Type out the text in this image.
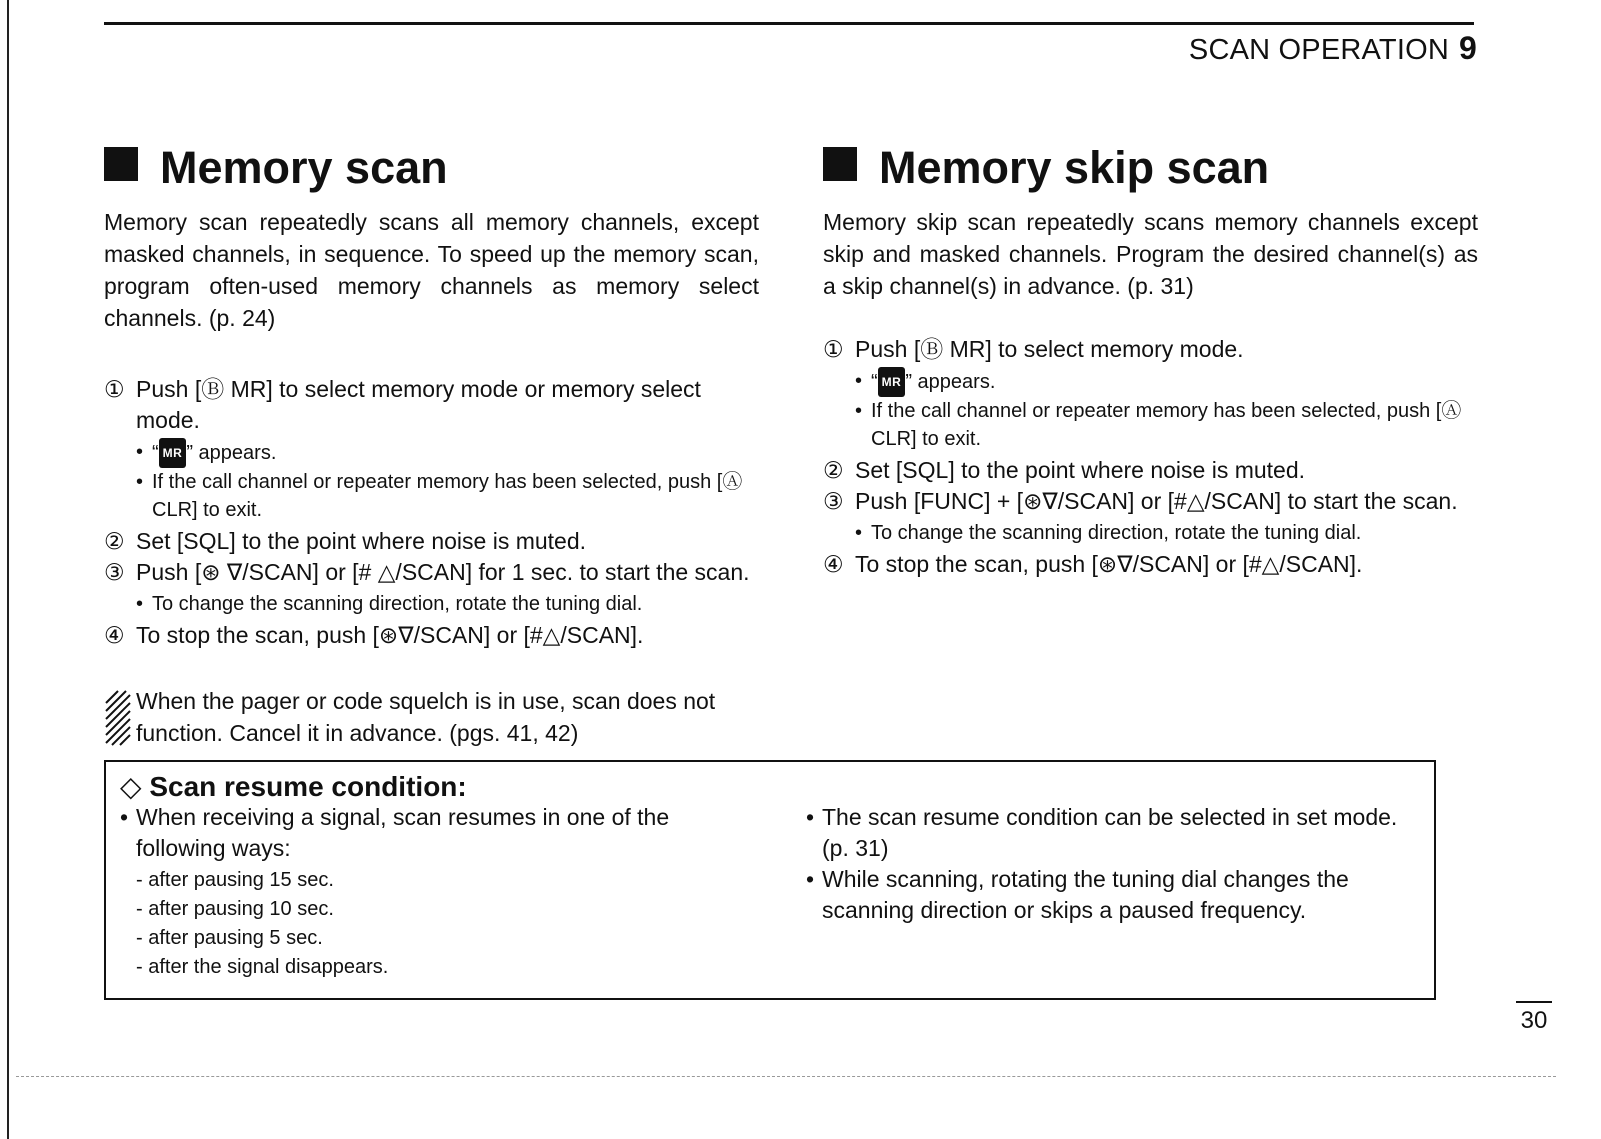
SCAN OPERATION 9
Memory scan

Memory scan repeatedly scans all memory channels, except masked channels, in sequence. To speed up the memory scan, program often-used memory channels as memory select channels. (p. 24)

① Push [Ⓑ MR] to select memory mode or memory select mode.
• “ MR ” appears.
• If the call channel or repeater memory has been selected, push [Ⓐ CLR] to exit.
② Set [SQL] to the point where noise is muted.
③ Push [⊛ ∇/SCAN] or [# △/SCAN] for 1 sec. to start the scan.
• To change the scanning direction, rotate the tuning dial.
④ To stop the scan, push [⊛∇/SCAN] or [#△/SCAN].
When the pager or code squelch is in use, scan does not function. Cancel it in advance. (pgs. 41, 42)
Memory skip scan

Memory skip scan repeatedly scans memory channels except skip and masked channels. Program the desired channel(s) as a skip channel(s) in advance. (p. 31)

① Push [Ⓑ MR] to select memory mode.
• “ MR ” appears.
• If the call channel or repeater memory has been selected, push [Ⓐ CLR] to exit.
② Set [SQL] to the point where noise is muted.
③ Push [FUNC] + [⊛∇/SCAN] or [#△/SCAN] to start the scan.
• To change the scanning direction, rotate the tuning dial.
④ To stop the scan, push [⊛∇/SCAN] or [#△/SCAN].
◇ Scan resume condition:
• When receiving a signal, scan resumes in one of the following ways:
- after pausing 15 sec.
- after pausing 10 sec.
- after pausing 5 sec.
- after the signal disappears.
• The scan resume condition can be selected in set mode. (p. 31)
• While scanning, rotating the tuning dial changes the scanning direction or skips a paused frequency.
30
